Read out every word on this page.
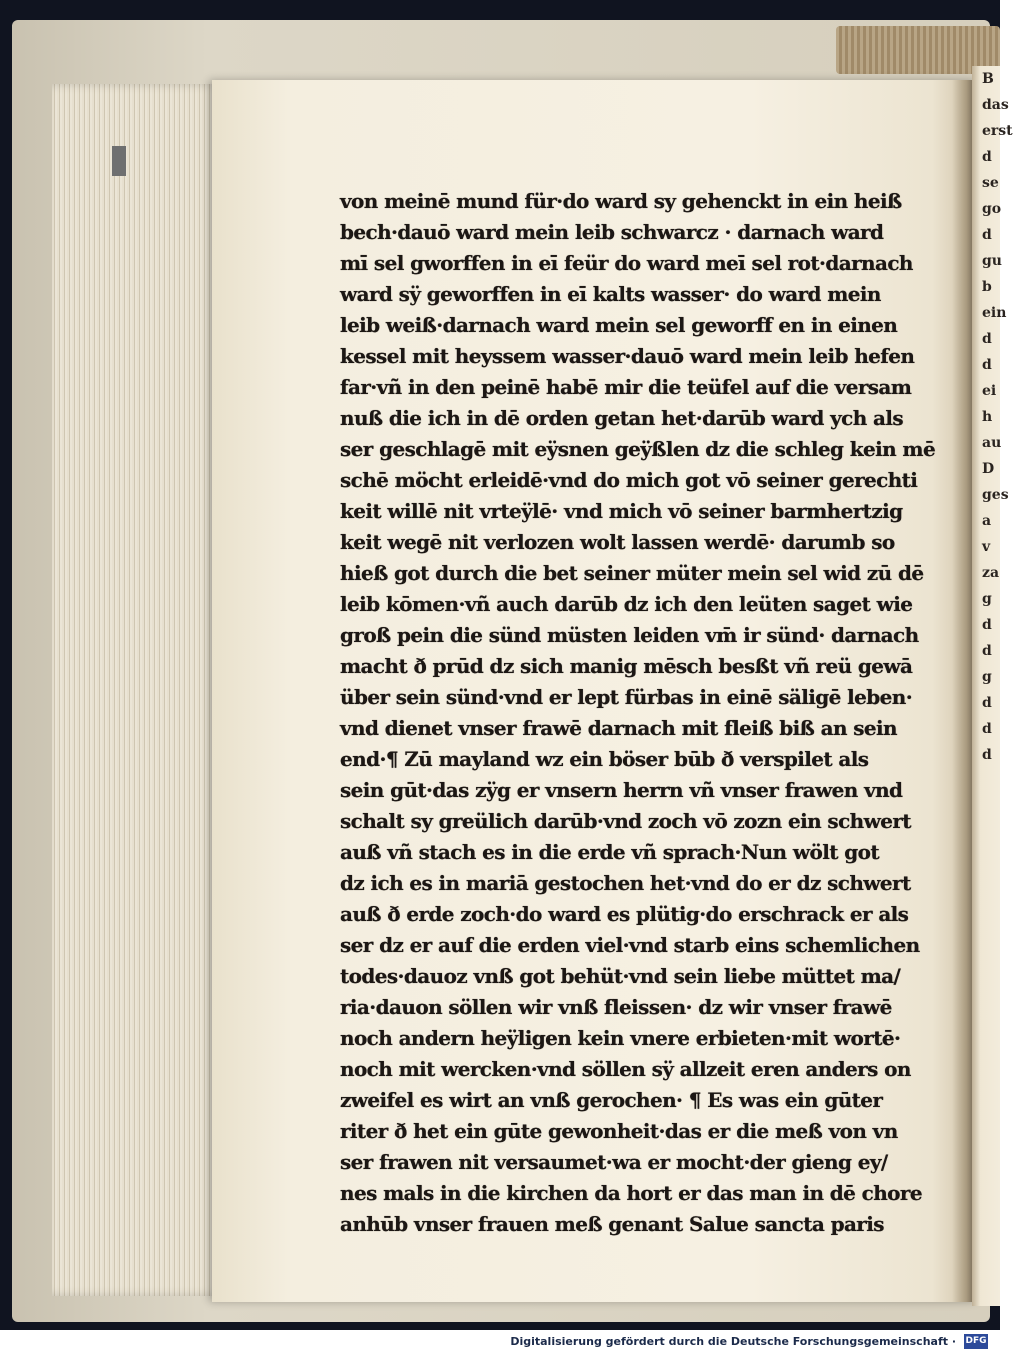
B
das
erst
d
se
go
d
gu
b
ein
d
d
ei
h
au
D
ges
a
v
za
g
d
d
g
d
d
d
von meinē mund für·do ward sy gehenckt in ein heiß
bech·dauō ward mein leib schwarcz · darnach ward
mī sel gworffen in eī feür do ward meī sel rot·darnach
ward sÿ geworffen in eī kalts wasser· do ward mein
leib weiß·darnach ward mein sel geworff en in einen
kessel mit heyssem wasser·dauō ward mein leib hefen
far·vñ in den peinē habē mir die teüfel auf die versam
nuß die ich in dē orden getan het·darūb ward ych als
ser geschlagē mit eÿsnen geÿßlen dz die schleg kein mē
schē möcht erleidē·vnd do mich got vō seiner gerechti
keit willē nit vrteÿlē· vnd mich vō seiner barmhertzig
keit wegē nit verlozen wolt lassen werdē· darumb so
hieß got durch die bet seiner müter mein sel wid zū dē
leib kōmen·vñ auch darūb dz ich den leüten saget wie
groß pein die sünd müsten leiden vm̄ ir sünd· darnach
macht ð prūd dz sich manig mēsch besßt vñ reü gewā
über sein sünd·vnd er lept fürbas in einē säligē leben·
vnd dienet vnser frawē darnach mit fleiß biß an sein
end·¶ Zū mayland wz ein böser būb ð verspilet als
sein gūt·das zÿg er vnsern herrn vñ vnser frawen vnd
schalt sy greülich darūb·vnd zoch vō zozn ein schwert
auß vñ stach es in die erde vñ sprach·Nun wölt got
dz ich es in mariā gestochen het·vnd do er dz schwert
auß ð erde zoch·do ward es plütig·do erschrack er als
ser dz er auf die erden viel·vnd starb eins schemlichen
todes·dauoz vnß got behüt·vnd sein liebe müttet ma/
ria·dauon söllen wir vnß fleissen· dz wir vnser frawē
noch andern heÿligen kein vnere erbieten·mit wortē·
noch mit wercken·vnd söllen sÿ allzeit eren anders on
zweifel es wirt an vnß gerochen· ¶ Es was ein gūter
riter ð het ein gūte gewonheit·das er die meß von vn
ser frawen nit versaumet·wa er mocht·der gieng ey/
nes mals in die kirchen da hort er das man in dē chore
anhūb vnser frauen meß genant Salue sancta paris
Digitalisierung gefördert durch die Deutsche Forschungsgemeinschaft · DFG
